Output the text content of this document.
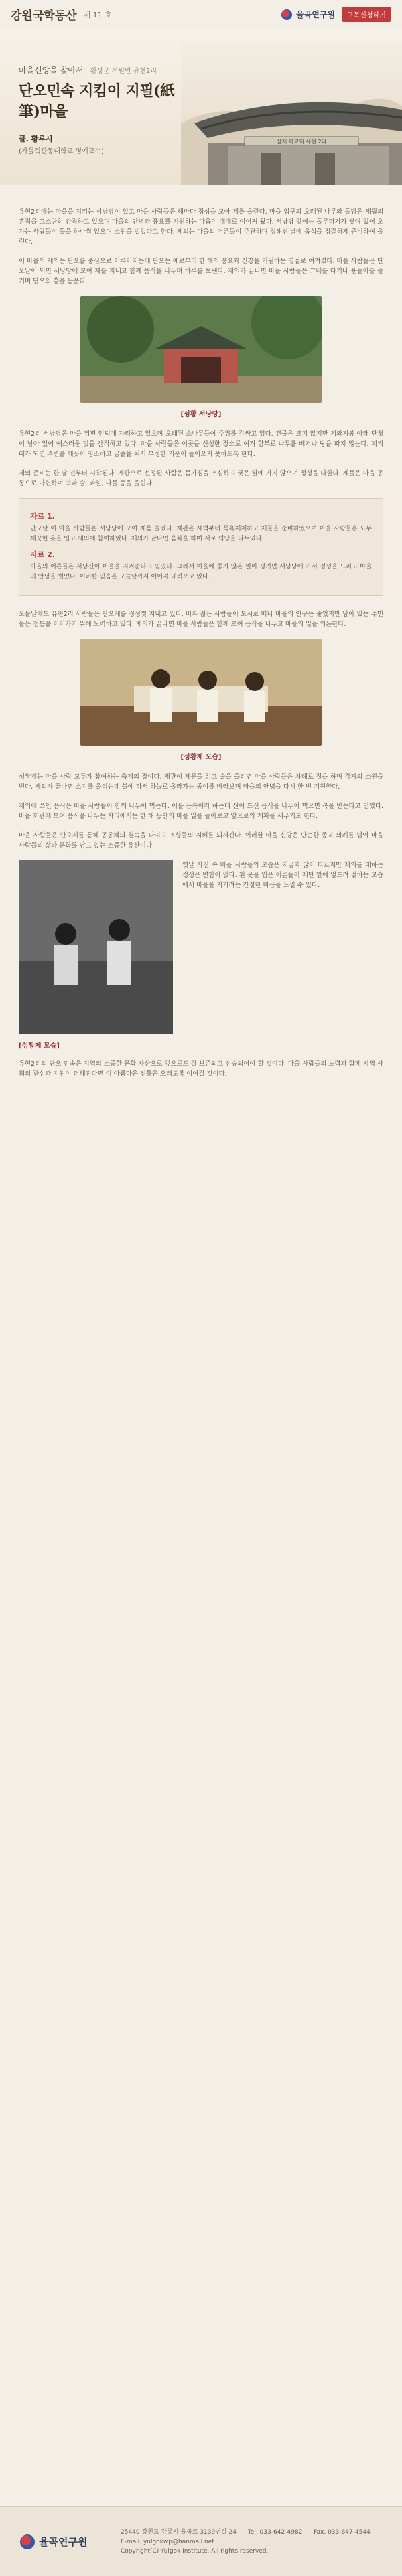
강원국학동산 제 11 호	율곡연구원	구독신청하기
마을신앙을 찾아서 횡성군 서원면 유현2리
단오민속 지킴이 지필(紙筆)마을
글. 황루시
(가톨릭관동대학교 명예교수)
삼재 학교회 유현 2리

유현2리에는 마을을 지키는 서낭당이 있고 마을 사람들은 해마다 정성을 모아 제를 올린다. 마을 입구의 오래된 나무와 돌담은 세월의 흔적을 고스란히 간직하고 있으며 마을의 안녕과 풍요를 기원하는 마음이 대대로 이어져 왔다. 서낭당 앞에는 돌무더기가 쌓여 있어 오가는 사람들이 돌을 하나씩 얹으며 소원을 빌었다고 한다. 제의는 마을의 어른들이 주관하며 정해진 날에 음식을 정갈하게 준비하여 올린다.

이 마을의 제의는 단오를 중심으로 이루어지는데 단오는 예로부터 한 해의 풍요와 건강을 기원하는 명절로 여겨졌다. 마을 사람들은 단오날이 되면 서낭당에 모여 제를 지내고 함께 음식을 나누며 하루를 보낸다. 제의가 끝나면 마을 사람들은 그네를 타거나 윷놀이를 즐기며 단오의 흥을 돋운다.

[성황 서낭당]

유현2리 서낭당은 마을 뒤편 언덕에 자리하고 있으며 오래된 소나무들이 주위를 감싸고 있다. 건물은 크지 않지만 기와지붕 아래 단청이 남아 있어 예스러운 멋을 간직하고 있다. 마을 사람들은 이곳을 신성한 장소로 여겨 함부로 나무를 베거나 땅을 파지 않는다. 제의 때가 되면 주변을 깨끗이 청소하고 금줄을 쳐서 부정한 기운이 들어오지 못하도록 한다.

제의 준비는 한 달 전부터 시작된다. 제관으로 선정된 사람은 몸가짐을 조심하고 궂은 일에 가지 않으며 정성을 다한다. 제물은 마을 공동으로 마련하며 떡과 술, 과일, 나물 등을 올린다.

자료 1.

단오날 이 마을 사람들은 서낭당에 모여 제를 올렸다. 제관은 새벽부터 목욕재계하고 제물을 준비하였으며 마을 사람들은 모두 깨끗한 옷을 입고 제의에 참여하였다. 제의가 끝나면 음복을 하며 서로 덕담을 나누었다.

자료 2.

마을의 어른들은 서낭신이 마을을 지켜준다고 믿었다. 그래서 마을에 좋지 않은 일이 생기면 서낭당에 가서 정성을 드리고 마을의 안녕을 빌었다. 이러한 믿음은 오늘날까지 이어져 내려오고 있다.

오늘날에도 유현2리 사람들은 단오제를 정성껏 지내고 있다. 비록 젊은 사람들이 도시로 떠나 마을의 인구는 줄었지만 남아 있는 주민들은 전통을 이어가기 위해 노력하고 있다. 제의가 끝나면 마을 사람들은 함께 모여 음식을 나누고 마을의 일을 의논한다.

[성황제 모습]

성황제는 마을 사람 모두가 참여하는 축제의 장이다. 제관이 제문을 읽고 술을 올리면 마을 사람들은 차례로 절을 하며 각자의 소원을 빈다. 제의가 끝나면 소지를 올리는데 불에 타서 하늘로 올라가는 종이를 바라보며 마을의 안녕을 다시 한 번 기원한다.

제의에 쓰인 음식은 마을 사람들이 함께 나누어 먹는다. 이를 음복이라 하는데 신이 드신 음식을 나누어 먹으면 복을 받는다고 믿었다. 마을 회관에 모여 음식을 나누는 자리에서는 한 해 동안의 마을 일을 돌아보고 앞으로의 계획을 세우기도 한다.

마을 사람들은 단오제를 통해 공동체의 결속을 다지고 조상들의 지혜를 되새긴다. 이러한 마을 신앙은 단순한 종교 의례를 넘어 마을 사람들의 삶과 문화를 담고 있는 소중한 유산이다.

[성황제 모습]

옛날 사진 속 마을 사람들의 모습은 지금과 많이 다르지만 제의를 대하는 정성은 변함이 없다. 흰 옷을 입은 어른들이 제단 앞에 엎드려 절하는 모습에서 마을을 지키려는 간절한 마음을 느낄 수 있다.

유현2리의 단오 민속은 지역의 소중한 문화 자산으로 앞으로도 잘 보존되고 전승되어야 할 것이다. 마을 사람들의 노력과 함께 지역 사회의 관심과 지원이 더해진다면 이 아름다운 전통은 오래도록 이어질 것이다.

율곡연구원
25440 강원도 강릉시 율곡로 3139번길 24 Tel. 033-642-4982 Fax. 033-647-4544
E-mail. yulgokwp@hanmail.net
Copyright(C) Yulgok Institute. All rights reserved.
